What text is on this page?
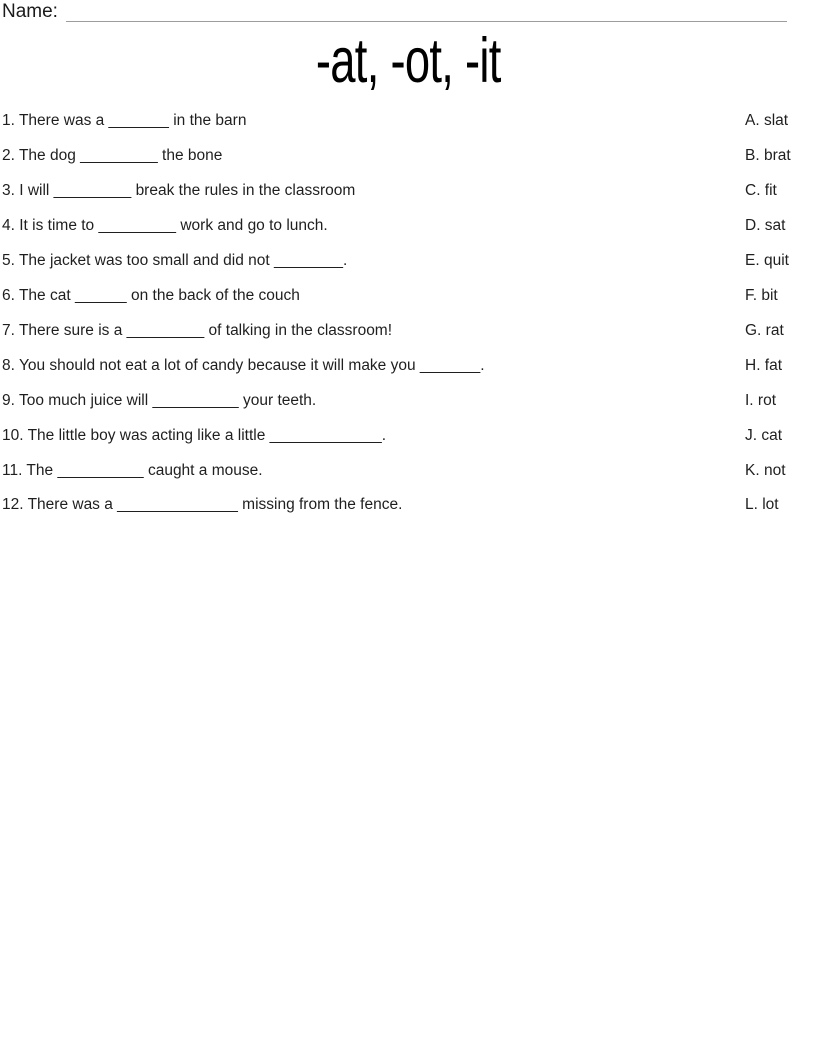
Name:
-at, -ot, -it
1. There was a _______ in the barn	A. slat
2. The dog _________ the bone	B. brat
3. I will _________ break the rules in the classroom	C. fit
4. It is time to _________ work and go to lunch.	D. sat
5. The jacket was too small and did not ________.	E. quit
6. The cat ______ on the back of the couch	F. bit
7. There sure is a _________ of talking in the classroom!	G. rat
8. You should not eat a lot of candy because it will make you _______.	H. fat
9. Too much juice will __________ your teeth.	I. rot
10. The little boy was acting like a little _____________.	J. cat
11. The __________ caught a mouse.	K. not
12. There was a ______________ missing from the fence.	L. lot
